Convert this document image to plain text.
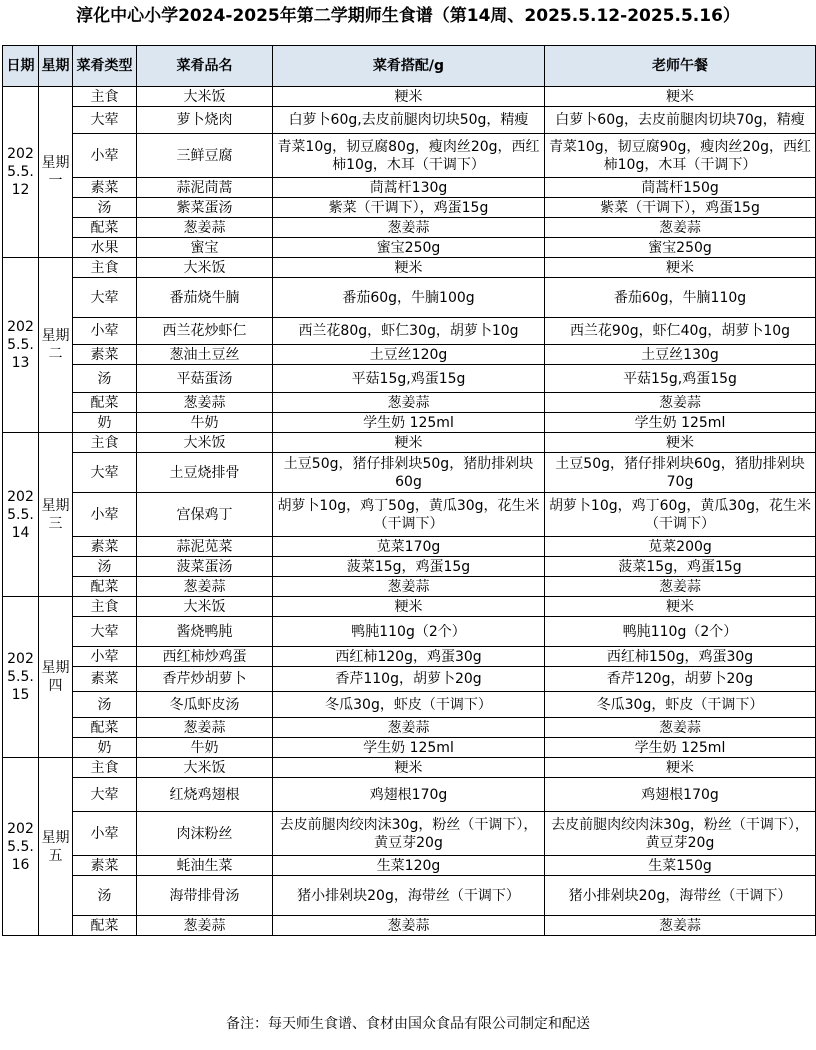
淳化中心小学2024-2025年第二学期师生食谱（第14周、2025.5.12-2025.5.16）
日期	星期	菜肴类型	菜肴品名	菜肴搭配/g	老师午餐
2025.5.12	星期一	主食	大米饭	粳米	粳米
		大荤	萝卜烧肉	白萝卜60g,去皮前腿肉切块50g，精瘦	白萝卜60g，去皮前腿肉切块70g，精瘦
		小荤	三鲜豆腐	青菜10g，韧豆腐80g，瘦肉丝20g，西红柿10g，木耳（干调下）	青菜10g，韧豆腐90g，瘦肉丝20g，西红柿10g，木耳（干调下）
		素菜	蒜泥茼蒿	茼蒿杆130g	茼蒿杆150g
		汤	紫菜蛋汤	紫菜（干调下），鸡蛋15g	紫菜（干调下），鸡蛋15g
		配菜	葱姜蒜	葱姜蒜	葱姜蒜
		水果	蜜宝	蜜宝250g	蜜宝250g
2025.5.13	星期二	主食	大米饭	粳米	粳米
		大荤	番茄烧牛腩	番茄60g，牛腩100g	番茄60g，牛腩110g
		小荤	西兰花炒虾仁	西兰花80g，虾仁30g，胡萝卜10g	西兰花90g，虾仁40g，胡萝卜10g
		素菜	葱油土豆丝	土豆丝120g	土豆丝130g
		汤	平菇蛋汤	平菇15g,鸡蛋15g	平菇15g,鸡蛋15g
		配菜	葱姜蒜	葱姜蒜	葱姜蒜
		奶	牛奶	学生奶 125ml	学生奶 125ml
2025.5.14	星期三	主食	大米饭	粳米	粳米
		大荤	土豆烧排骨	土豆50g，猪仔排剁块50g，猪肋排剁块60g	土豆50g，猪仔排剁块60g，猪肋排剁块70g
		小荤	宫保鸡丁	胡萝卜10g，鸡丁50g，黄瓜30g，花生米（干调下）	胡萝卜10g，鸡丁60g，黄瓜30g，花生米（干调下）
		素菜	蒜泥苋菜	苋菜170g	苋菜200g
		汤	菠菜蛋汤	菠菜15g，鸡蛋15g	菠菜15g，鸡蛋15g
		配菜	葱姜蒜	葱姜蒜	葱姜蒜
2025.5.15	星期四	主食	大米饭	粳米	粳米
		大荤	酱烧鸭肫	鸭肫110g（2个）	鸭肫110g（2个）
		小荤	西红柿炒鸡蛋	西红柿120g，鸡蛋30g	西红柿150g，鸡蛋30g
		素菜	香芹炒胡萝卜	香芹110g，胡萝卜20g	香芹120g，胡萝卜20g
		汤	冬瓜虾皮汤	冬瓜30g，虾皮（干调下）	冬瓜30g，虾皮（干调下）
		配菜	葱姜蒜	葱姜蒜	葱姜蒜
		奶	牛奶	学生奶 125ml	学生奶 125ml
2025.5.16	星期五	主食	大米饭	粳米	粳米
		大荤	红烧鸡翅根	鸡翅根170g	鸡翅根170g
		小荤	肉沫粉丝	去皮前腿肉绞肉沫30g，粉丝（干调下），黄豆芽20g	去皮前腿肉绞肉沫30g，粉丝（干调下），黄豆芽20g
		素菜	蚝油生菜	生菜120g	生菜150g
		汤	海带排骨汤	猪小排剁块20g，海带丝（干调下）	猪小排剁块20g，海带丝（干调下）
		配菜	葱姜蒜	葱姜蒜	葱姜蒜
备注：每天师生食谱、食材由国众食品有限公司制定和配送
